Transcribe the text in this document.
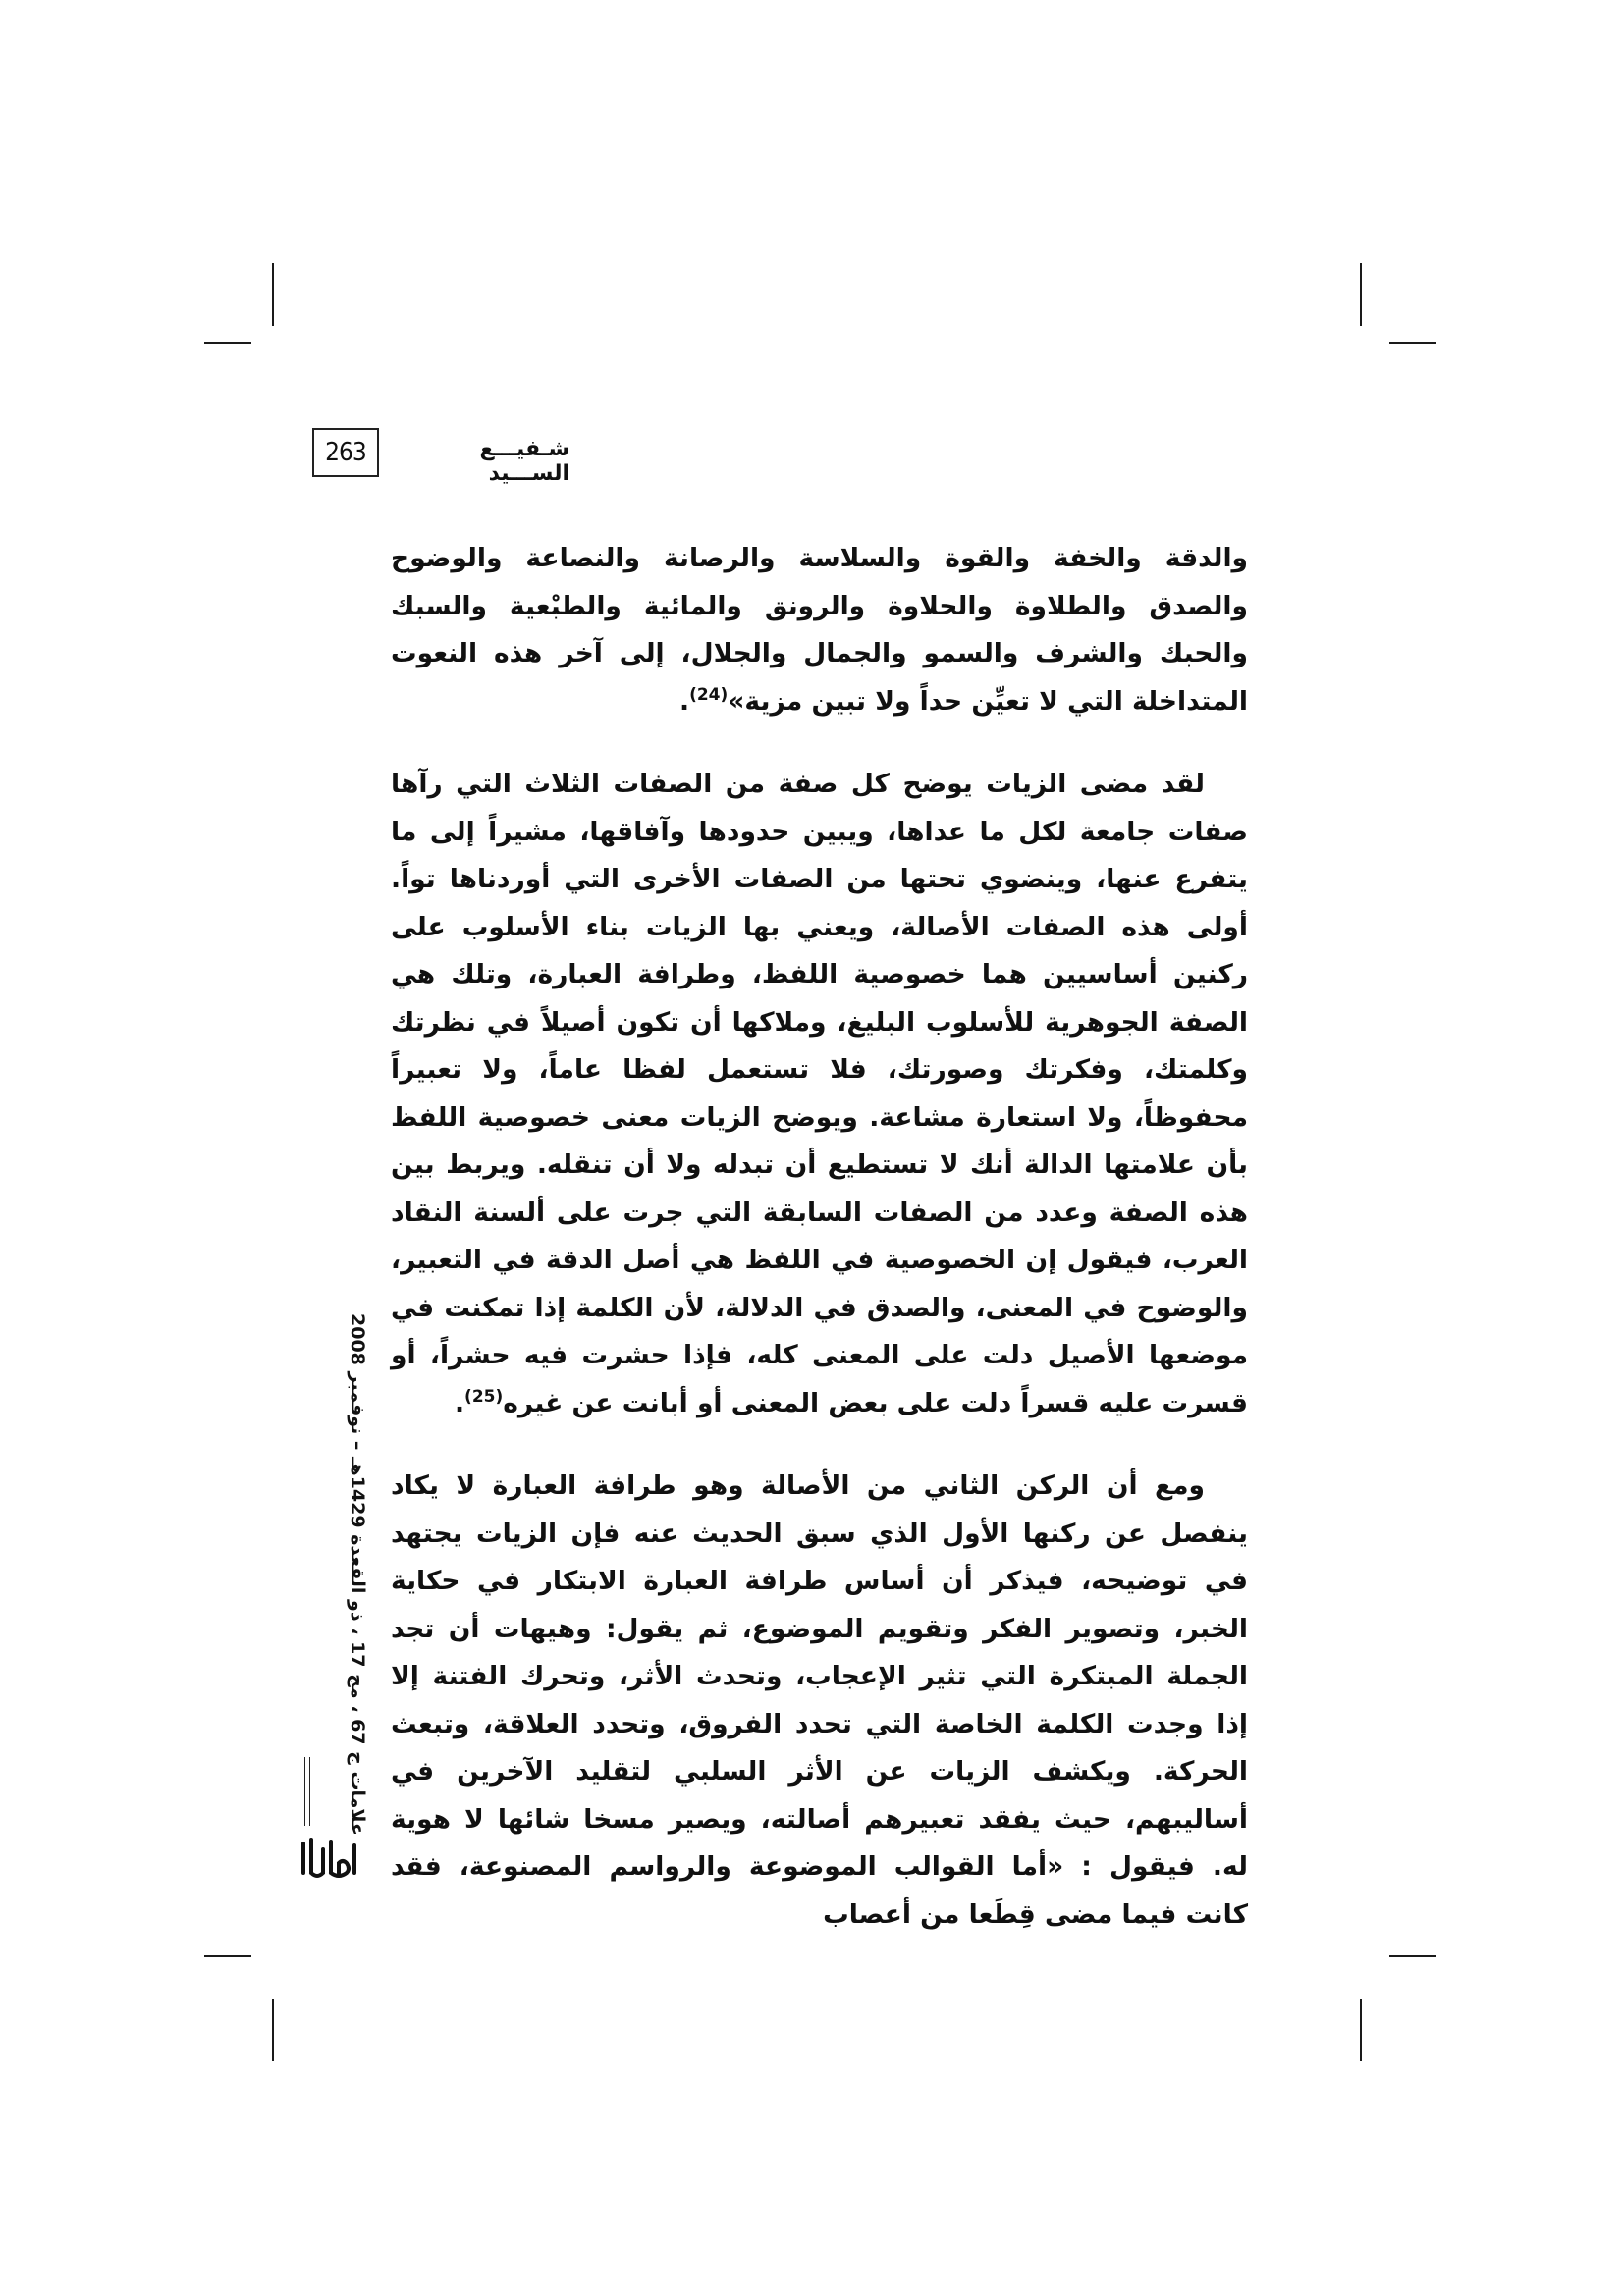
263	شـفيـــع الســـيد

والدقة والخفة والقوة والسلاسة والرصانة والنصاعة والوضوح والصدق والطلاوة والحلاوة والرونق والمائية والطبْعية والسبك والحبك والشرف والسمو والجمال والجلال، إلى آخر هذه النعوت المتداخلة التي لا تعيِّن حداً ولا تبين مزية»$^{(24)}$.

لقد مضى الزيات يوضح كل صفة من الصفات الثلاث التي رآها صفات جامعة لكل ما عداها، ويبين حدودها وآفاقها، مشيراً إلى ما يتفرع عنها، وينضوي تحتها من الصفات الأخرى التي أوردناها تواً. أولى هذه الصفات الأصالة، ويعني بها الزيات بناء الأسلوب على ركنين أساسيين هما خصوصية اللفظ، وطرافة العبارة، وتلك هي الصفة الجوهرية للأسلوب البليغ، وملاكها أن تكون أصيلاً في نظرتك وكلمتك، وفكرتك وصورتك، فلا تستعمل لفظا عاماً، ولا تعبيراً محفوظاً، ولا استعارة مشاعة. ويوضح الزيات معنى خصوصية اللفظ بأن علامتها الدالة أنك لا تستطيع أن تبدله ولا أن تنقله. ويربط بين هذه الصفة وعدد من الصفات السابقة التي جرت على ألسنة النقاد العرب، فيقول إن الخصوصية في اللفظ هي أصل الدقة في التعبير، والوضوح في المعنى، والصدق في الدلالة، لأن الكلمة إذا تمكنت في موضعها الأصيل دلت على المعنى كله، فإذا حشرت فيه حشراً، أو قسرت عليه قسراً دلت على بعض المعنى أو أبانت عن غيره$^{(25)}$.

ومع أن الركن الثاني من الأصالة وهو طرافة العبارة لا يكاد ينفصل عن ركنها الأول الذي سبق الحديث عنه فإن الزيات يجتهد في توضيحه، فيذكر أن أساس طرافة العبارة الابتكار في حكاية الخبر، وتصوير الفكر وتقويم الموضوع، ثم يقول: وهيهات أن تجد الجملة المبتكرة التي تثير الإعجاب، وتحدث الأثر، وتحرك الفتنة إلا إذا وجدت الكلمة الخاصة التي تحدد الفروق، وتحدد العلاقة، وتبعث الحركة. ويكشف الزيات عن الأثر السلبي لتقليد الآخرين في أساليبهم، حيث يفقد تعبيرهم أصالته، ويصير مسخا شائها لا هوية له. فيقول : «أما القوالب الموضوعة والرواسم المصنوعة، فقد كانت فيما مضى قِطَعا من أعصاب

علامات ج 67 ، مج 17 ، ذو القعدة 1429هـ – نوفمبر 2008
